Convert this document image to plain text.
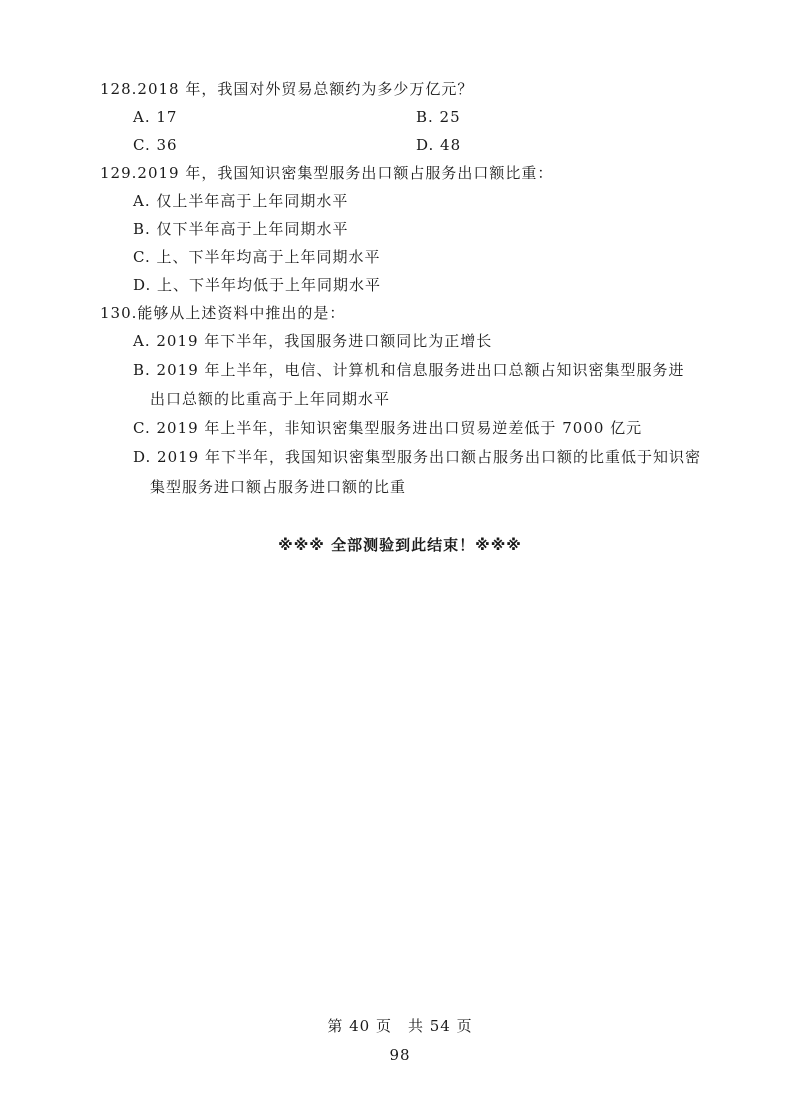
128.2018 年，我国对外贸易总额约为多少万亿元？
A. 17	B. 25
C. 36	D. 48
129.2019 年，我国知识密集型服务出口额占服务出口额比重：
A. 仅上半年高于上年同期水平
B. 仅下半年高于上年同期水平
C. 上、下半年均高于上年同期水平
D. 上、下半年均低于上年同期水平
130.能够从上述资料中推出的是：
A. 2019 年下半年，我国服务进口额同比为正增长
B. 2019 年上半年，电信、计算机和信息服务进出口总额占知识密集型服务进
出口总额的比重高于上年同期水平
C. 2019 年上半年，非知识密集型服务进出口贸易逆差低于 7000 亿元
D. 2019 年下半年，我国知识密集型服务出口额占服务出口额的比重低于知识密
集型服务进口额占服务进口额的比重
※※※ 全部测验到此结束！※※※
第 40 页　共 54 页
98
